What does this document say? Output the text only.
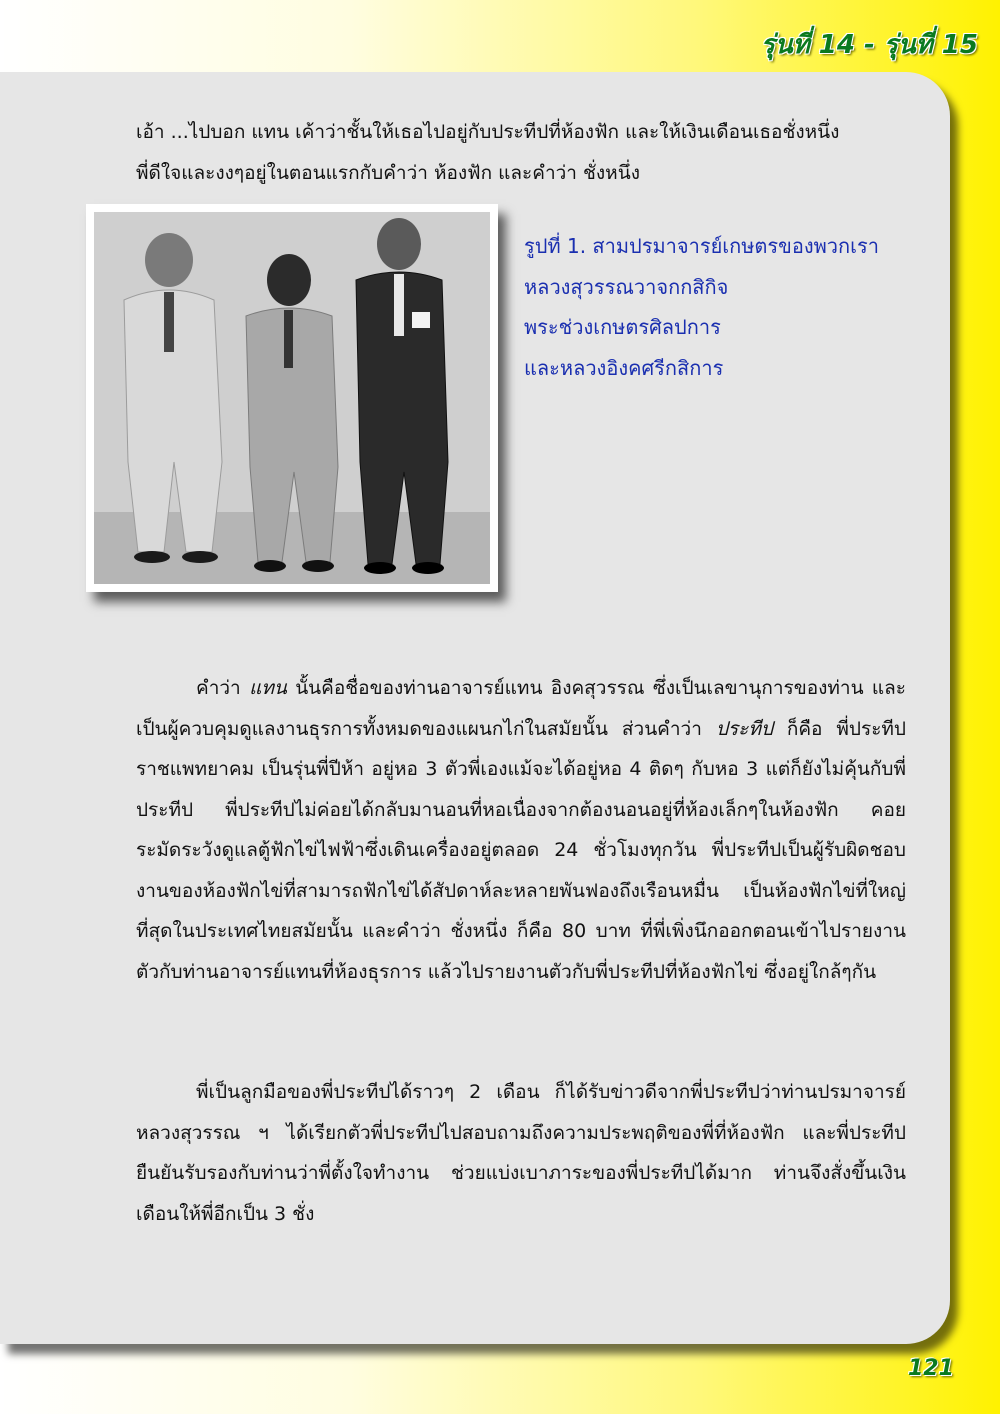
รุ่นที่ 14 - รุ่นที่ 15

เอ้า ...ไปบอก แทน เค้าว่าชั้นให้เธอไปอยู่กับประทีปที่ห้องฟัก และให้เงินเดือนเธอชั่งหนึ่ง

พี่ดีใจและงงๆอยู่ในตอนแรกกับคำว่า ห้องฟัก และคำว่า ชั่งหนึ่ง

รูปที่ 1. สามปรมาจารย์เกษตรของพวกเรา
หลวงสุวรรณวาจกกสิกิจ
พระช่วงเกษตรศิลปการ
และหลวงอิงคศรีกสิการ
คำว่า แทน นั้นคือชื่อของท่านอาจารย์แทน อิงคสุวรรณ ซึ่งเป็นเลขานุการของท่าน และเป็นผู้ควบคุมดูแลงานธุรการทั้งหมดของแผนกไก่ในสมัยนั้น ส่วนคำว่า ประทีป ก็คือ พี่ประทีป ราชแพทยาคม เป็นรุ่นพี่ปีห้า อยู่หอ 3 ตัวพี่เองแม้จะได้อยู่หอ 4 ติดๆ กับหอ 3 แต่ก็ยังไม่คุ้นกับพี่ประทีป พี่ประทีปไม่ค่อยได้กลับมานอนที่หอเนื่องจากต้องนอนอยู่ที่ห้องเล็กๆในห้องฟัก คอยระมัดระวังดูแลตู้ฟักไข่ไฟฟ้าซึ่งเดินเครื่องอยู่ตลอด 24 ชั่วโมงทุกวัน พี่ประทีปเป็นผู้รับผิดชอบงานของห้องฟักไข่ที่สามารถฟักไข่ได้สัปดาห์ละหลายพันฟองถึงเรือนหมื่น เป็นห้องฟักไข่ที่ใหญ่ที่สุดในประเทศไทยสมัยนั้น และคำว่า ชั่งหนึ่ง ก็คือ 80 บาท ที่พี่เพิ่งนึกออกตอนเข้าไปรายงานตัวกับท่านอาจารย์แทนที่ห้องธุรการ แล้วไปรายงานตัวกับพี่ประทีปที่ห้องฟักไข่ ซึ่งอยู่ใกล้ๆกัน
พี่เป็นลูกมือของพี่ประทีปได้ราวๆ 2 เดือน ก็ได้รับข่าวดีจากพี่ประทีปว่าท่านปรมาจารย์ หลวงสุวรรณ ฯ ได้เรียกตัวพี่ประทีปไปสอบถามถึงความประพฤติของพี่ที่ห้องฟัก และพี่ประทีปยืนยันรับรองกับท่านว่าพี่ตั้งใจทำงาน ช่วยแบ่งเบาภาระของพี่ประทีปได้มาก ท่านจึงสั่งขึ้นเงินเดือนให้พี่อีกเป็น 3 ชั่ง
121
